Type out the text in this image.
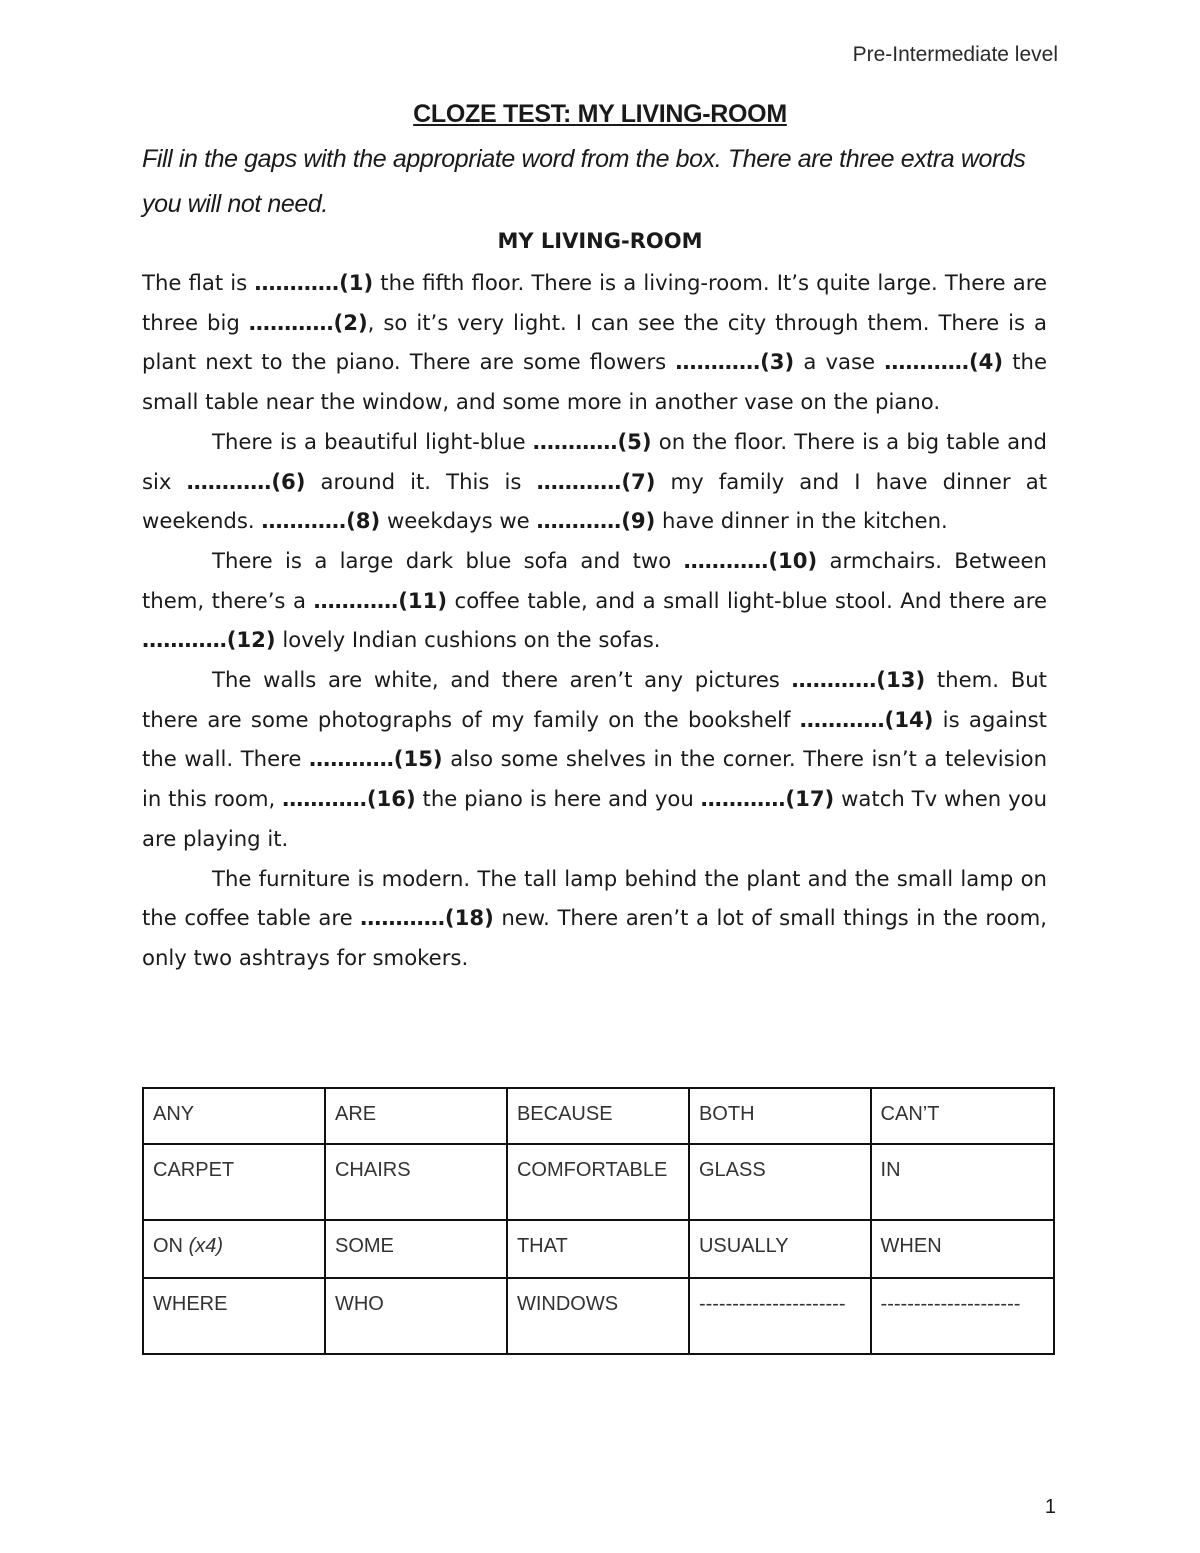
Pre-Intermediate level
CLOZE TEST: MY LIVING-ROOM
Fill in the gaps with the appropriate word from the box. There are three extra words you will not need.
MY LIVING-ROOM

The flat is …………(1) the fifth floor. There is a living-room. It’s quite large. There are three big …………(2), so it’s very light. I can see the city through them. There is a plant next to the piano. There are some flowers …………(3) a vase …………(4) the small table near the window, and some more in another vase on the piano.

There is a beautiful light-blue …………(5) on the floor. There is a big table and six …………(6) around it. This is …………(7) my family and I have dinner at weekends. …………(8) weekdays we …………(9) have dinner in the kitchen.

There is a large dark blue sofa and two …………(10) armchairs. Between them, there’s a …………(11) coffee table, and a small light-blue stool. And there are …………(12) lovely Indian cushions on the sofas.

The walls are white, and there aren’t any pictures …………(13) them. But there are some photographs of my family on the bookshelf …………(14) is against the wall. There …………(15) also some shelves in the corner. There isn’t a television in this room, …………(16) the piano is here and you …………(17) watch Tv when you are playing it.

The furniture is modern. The tall lamp behind the plant and the small lamp on the coffee table are …………(18) new. There aren’t a lot of small things in the room, only two ashtrays for smokers.

ANY	ARE	BECAUSE	BOTH	CAN’T
CARPET	CHAIRS	COMFORTABLE	GLASS	IN
ON (x4)	SOME	THAT	USUALLY	WHEN
WHERE	WHO	WINDOWS	----------------------	---------------------
1
